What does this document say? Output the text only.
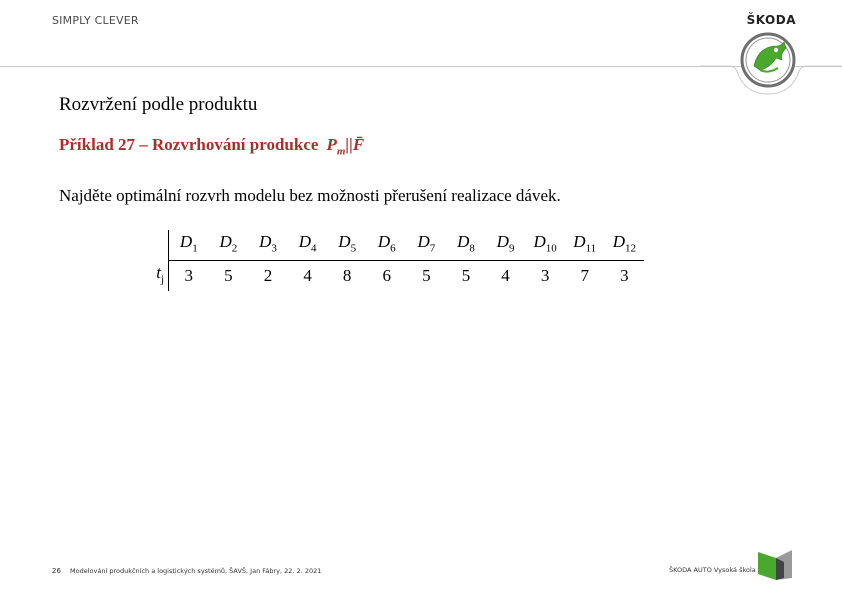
SIMPLY CLEVER	ŠKODA
Rozvržení podle produktu
Příklad 27 – Rozvrhování produkce $P_m||F̄$
Najděte optimální rozvrh modelu bez možnosti přerušení realizace dávek.
	$D_1$	$D_2$	$D_3$	$D_4$	$D_5$	$D_6$	$D_7$	$D_8$	$D_9$	$D_{10}$	$D_{11}$	$D_{12}$
$t_j$	3	5	2	4	8	6	5	5	4	3	7	3
26 Modelování produkčních a logistických systémů, ŠAVŠ, Jan Fábry, 22. 2. 2021	ŠKODA AUTO Vysoká škola
